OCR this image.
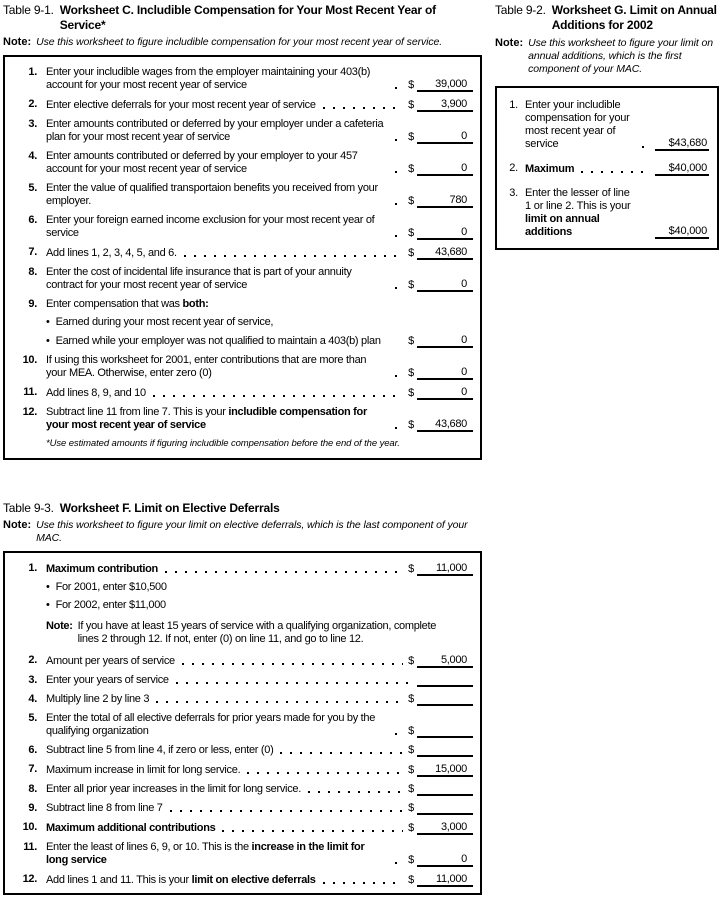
Table 9-1. Worksheet C. Includible Compensation for Your Most Recent Year of Service*
Note: Use this worksheet to figure includible compensation for your most recent year of service.
1. Enter your includible wages from the employer maintaining your 403(b) account for your most recent year of service	$	39,000
2. Enter elective deferrals for your most recent year of service	$	3,900
3. Enter amounts contributed or deferred by your employer under a cafeteria plan for your most recent year of service	$	0
4. Enter amounts contributed or deferred by your employer to your 457 account for your most recent year of service	$	0
5. Enter the value of qualified transportaion benefits you received from your employer.	$	780
6. Enter your foreign earned income exclusion for your most recent year of service	$	0
7. Add lines 1, 2, 3, 4, 5, and 6.	$	43,680
8. Enter the cost of incidental life insurance that is part of your annuity contract for your most recent year of service	$	0
9. Enter compensation that was both:
• Earned during your most recent year of service,
• Earned while your employer was not qualified to maintain a 403(b) plan	$	0
10. If using this worksheet for 2001, enter contributions that are more than your MEA. Otherwise, enter zero (0)	$	0
11. Add lines 8, 9, and 10	$	0
12. Subtract line 11 from line 7. This is your includible compensation for your most recent year of service	$	43,680
*Use estimated amounts if figuring includible compensation before the end of the year.
Table 9-2. Worksheet G. Limit on Annual Additions for 2002
Note: Use this worksheet to figure your limit on annual additions, which is the first component of your MAC.
1. Enter your includible compensation for your most recent year of service	$43,680
2. Maximum	$40,000
3. Enter the lesser of line 1 or line 2. This is your limit on annual additions	$40,000
Table 9-3. Worksheet F. Limit on Elective Deferrals
Note: Use this worksheet to figure your limit on elective deferrals, which is the last component of your MAC.
1. Maximum contribution	$	11,000
• For 2001, enter $10,500
• For 2002, enter $11,000
Note: If you have at least 15 years of service with a qualifying organization, complete lines 2 through 12. If not, enter (0) on line 11, and go to line 12.
2. Amount per years of service	$	5,000
3. Enter your years of service
4. Multiply line 2 by line 3	$
5. Enter the total of all elective deferrals for prior years made for you by the qualifying organization	$
6. Subtract line 5 from line 4, if zero or less, enter (0)	$
7. Maximum increase in limit for long service.	$	15,000
8. Enter all prior year increases in the limit for long service.	$
9. Subtract line 8 from line 7	$
10. Maximum additional contributions	$	3,000
11. Enter the least of lines 6, 9, or 10. This is the increase in the limit for long service	$	0
12. Add lines 1 and 11. This is your limit on elective deferrals	$	11,000
